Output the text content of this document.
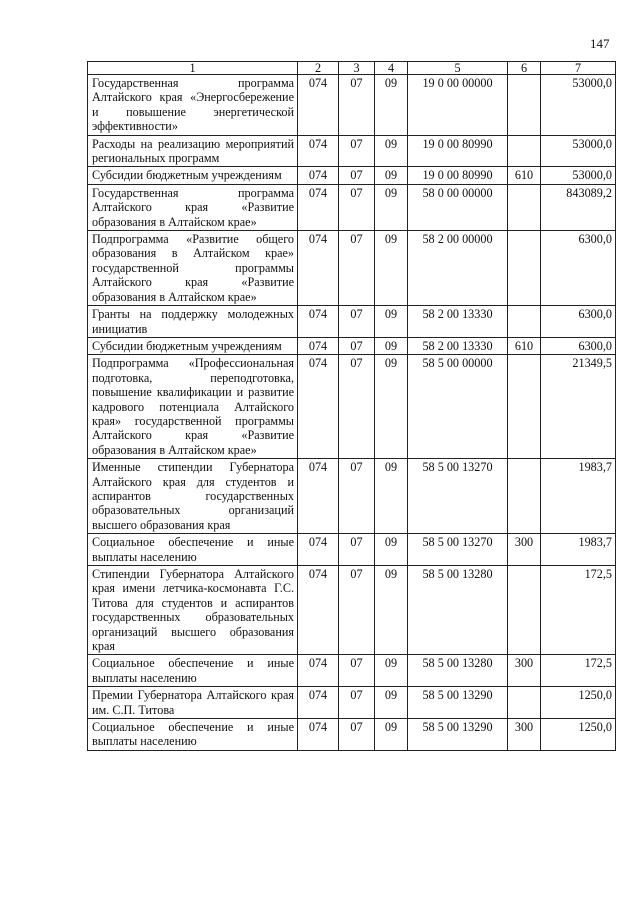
147
1	2	3	4	5	6	7
Государственная программа Алтайского края «Энергосбережение и повышение энергетической эффективности»	074	07	09	19 0 00 00000		53000,0
Расходы на реализацию мероприятий региональных программ	074	07	09	19 0 00 80990		53000,0
Субсидии бюджетным учреждениям	074	07	09	19 0 00 80990	610	53000,0
Государственная программа Алтайского края «Развитие образования в Алтайском крае»	074	07	09	58 0 00 00000		843089,2
Подпрограмма «Развитие общего образования в Алтайском крае» государственной программы Алтайского края «Развитие образования в Алтайском крае»	074	07	09	58 2 00 00000		6300,0
Гранты на поддержку молодежных инициатив	074	07	09	58 2 00 13330		6300,0
Субсидии бюджетным учреждениям	074	07	09	58 2 00 13330	610	6300,0
Подпрограмма «Профессиональная подготовка, переподготовка, повышение квалификации и развитие кадрового потенциала Алтайского края» государственной программы Алтайского края «Развитие образования в Алтайском крае»	074	07	09	58 5 00 00000		21349,5
Именные стипендии Губернатора Алтайского края для студентов и аспирантов государственных образовательных организаций высшего образования края	074	07	09	58 5 00 13270		1983,7
Социальное обеспечение и иные выплаты населению	074	07	09	58 5 00 13270	300	1983,7
Стипендии Губернатора Алтайского края имени летчика-космонавта Г.С. Титова для студентов и аспирантов государственных образовательных организаций высшего образования края	074	07	09	58 5 00 13280		172,5
Социальное обеспечение и иные выплаты населению	074	07	09	58 5 00 13280	300	172,5
Премии Губернатора Алтайского края им. С.П. Титова	074	07	09	58 5 00 13290		1250,0
Социальное обеспечение и иные выплаты населению	074	07	09	58 5 00 13290	300	1250,0
